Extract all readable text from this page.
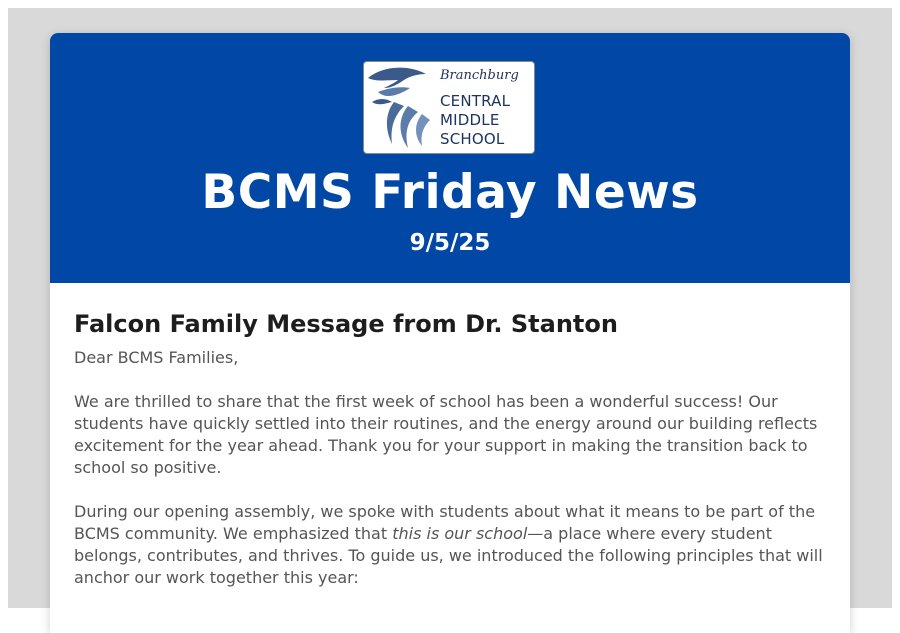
Branchburg
CENTRAL
MIDDLE
SCHOOL
BCMS Friday News
9/5/25
Falcon Family Message from Dr. Stanton

Dear BCMS Families,

We are thrilled to share that the first week of school has been a wonderful success! Our students have quickly settled into their routines, and the energy around our building reflects excitement for the year ahead. Thank you for your support in making the transition back to school so positive.

During our opening assembly, we spoke with students about what it means to be part of the BCMS community. We emphasized that this is our school—a place where every student belongs, contributes, and thrives. To guide us, we introduced the following principles that will anchor our work together this year:
